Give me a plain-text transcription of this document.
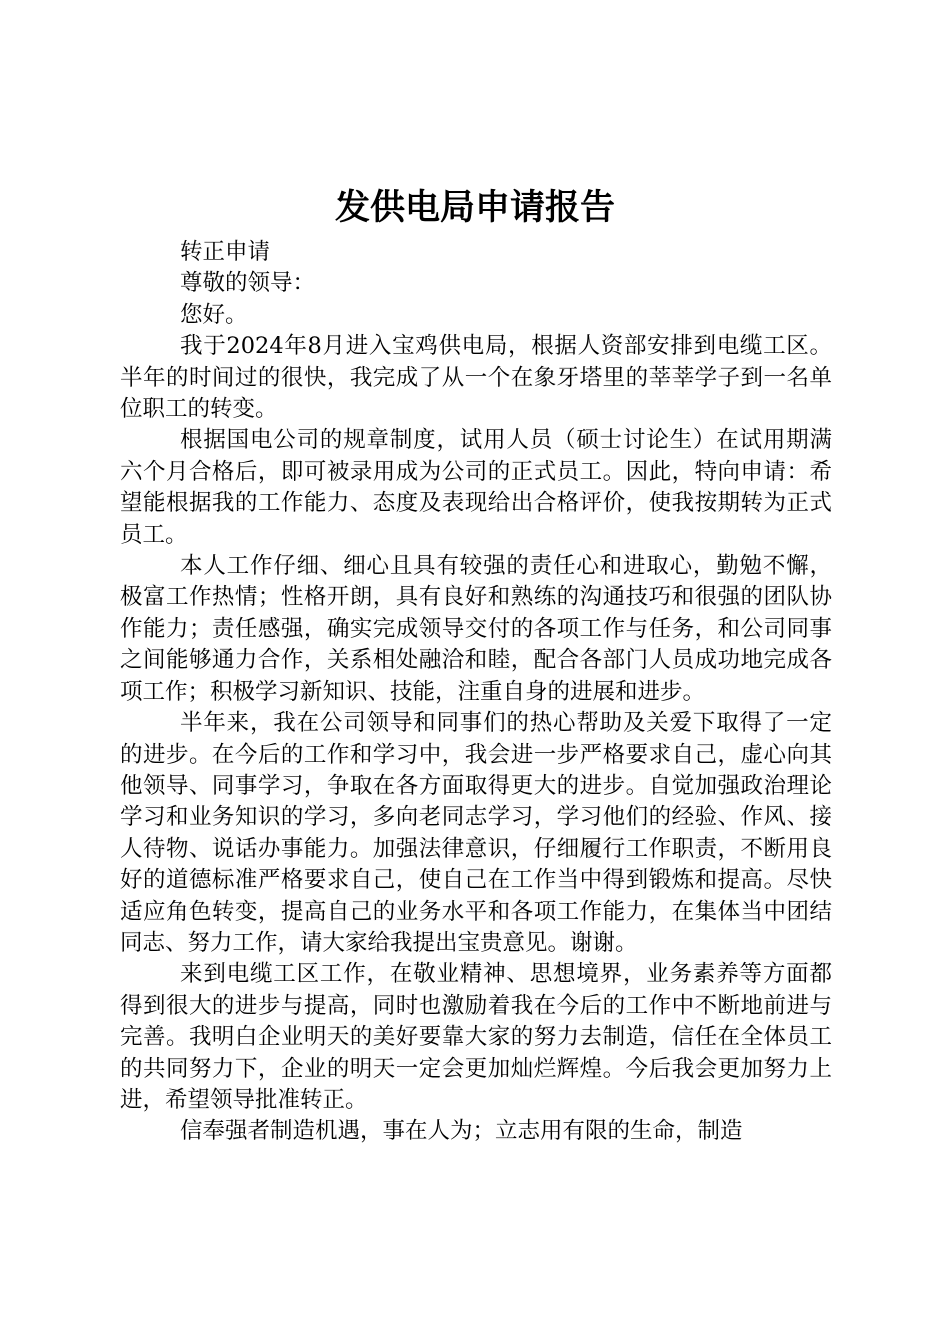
发供电局申请报告

转正申请

尊敬的领导：

您好。

我于2024年8月进入宝鸡供电局，根据人资部安排到电缆工区。半年的时间过的很快，我完成了从一个在象牙塔里的莘莘学子到一名单位职工的转变。

根据国电公司的规章制度，试用人员（硕士讨论生）在试用期满六个月合格后，即可被录用成为公司的正式员工。因此，特向申请：希望能根据我的工作能力、态度及表现给出合格评价，使我按期转为正式员工。

本人工作仔细、细心且具有较强的责任心和进取心，勤勉不懈，极富工作热情；性格开朗，具有良好和熟练的沟通技巧和很强的团队协作能力；责任感强，确实完成领导交付的各项工作与任务，和公司同事之间能够通力合作，关系相处融洽和睦，配合各部门人员成功地完成各项工作；积极学习新知识、技能，注重自身的进展和进步。

半年来，我在公司领导和同事们的热心帮助及关爱下取得了一定的进步。在今后的工作和学习中，我会进一步严格要求自己，虚心向其他领导、同事学习，争取在各方面取得更大的进步。自觉加强政治理论学习和业务知识的学习，多向老同志学习，学习他们的经验、作风、接人待物、说话办事能力。加强法律意识，仔细履行工作职责，不断用良好的道德标准严格要求自己，使自己在工作当中得到锻炼和提高。尽快适应角色转变，提高自己的业务水平和各项工作能力，在集体当中团结同志、努力工作，请大家给我提出宝贵意见。谢谢。

来到电缆工区工作，在敬业精神、思想境界，业务素养等方面都得到很大的进步与提高，同时也激励着我在今后的工作中不断地前进与完善。我明白企业明天的美好要靠大家的努力去制造，信任在全体员工的共同努力下，企业的明天一定会更加灿烂辉煌。今后我会更加努力上进，希望领导批准转正。

信奉强者制造机遇，事在人为；立志用有限的生命，制造
